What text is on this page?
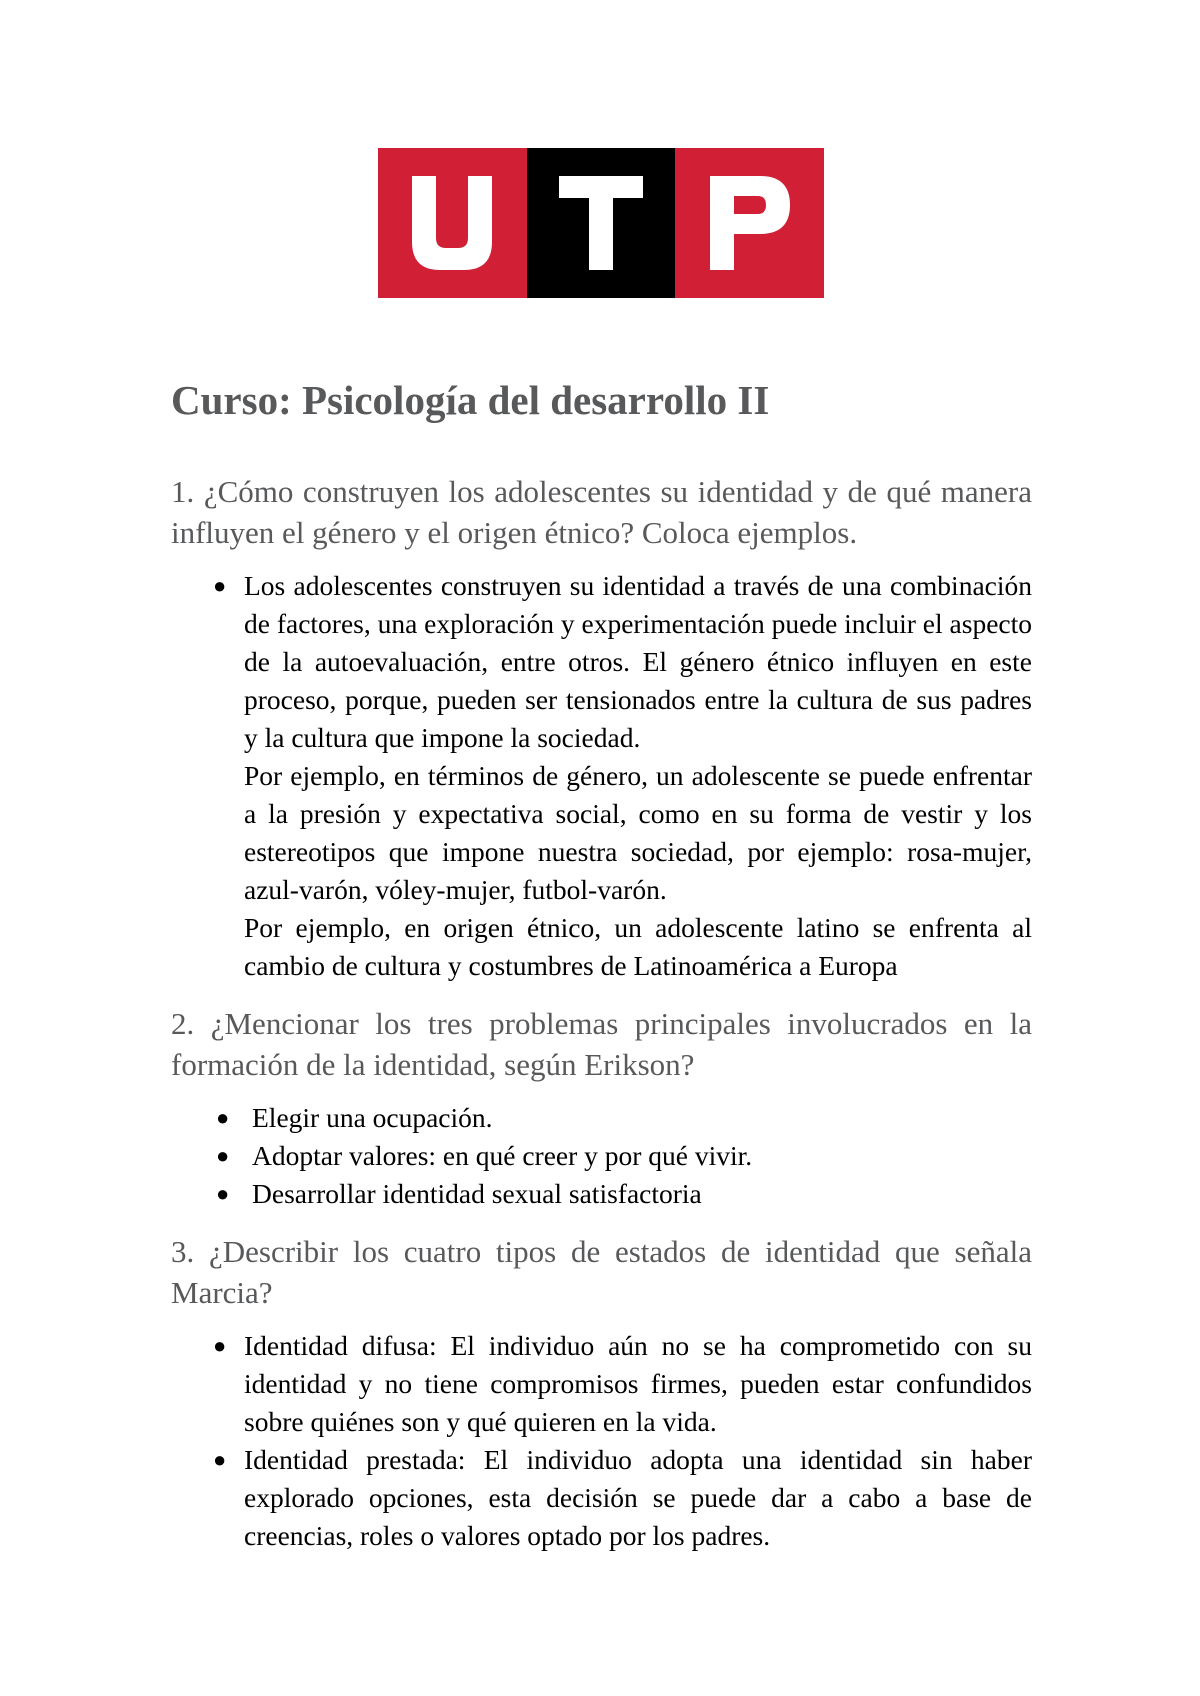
Curso: Psicología del desarrollo II

1. ¿Cómo construyen los adolescentes su identidad y de qué manera influyen el género y el origen étnico? Coloca ejemplos.

● Los adolescentes construyen su identidad a través de una combinación de factores, una exploración y experimentación puede incluir el aspecto de la autoevaluación, entre otros. El género étnico influyen en este proceso, porque, pueden ser tensionados entre la cultura de sus padres y la cultura que impone la sociedad.
Por ejemplo, en términos de género, un adolescente se puede enfrentar a la presión y expectativa social, como en su forma de vestir y los estereotipos que impone nuestra sociedad, por ejemplo: rosa-mujer, azul-varón, vóley-mujer, futbol-varón.
Por ejemplo, en origen étnico, un adolescente latino se enfrenta al cambio de cultura y costumbres de Latinoamérica a Europa

2. ¿Mencionar los tres problemas principales involucrados en la formación de la identidad, según Erikson?

● Elegir una ocupación.
● Adoptar valores: en qué creer y por qué vivir.
● Desarrollar identidad sexual satisfactoria

3. ¿Describir los cuatro tipos de estados de identidad que señala Marcia?

● Identidad difusa: El individuo aún no se ha comprometido con su identidad y no tiene compromisos firmes, pueden estar confundidos sobre quiénes son y qué quieren en la vida.
● Identidad prestada: El individuo adopta una identidad sin haber explorado opciones, esta decisión se puede dar a cabo a base de creencias, roles o valores optado por los padres.
